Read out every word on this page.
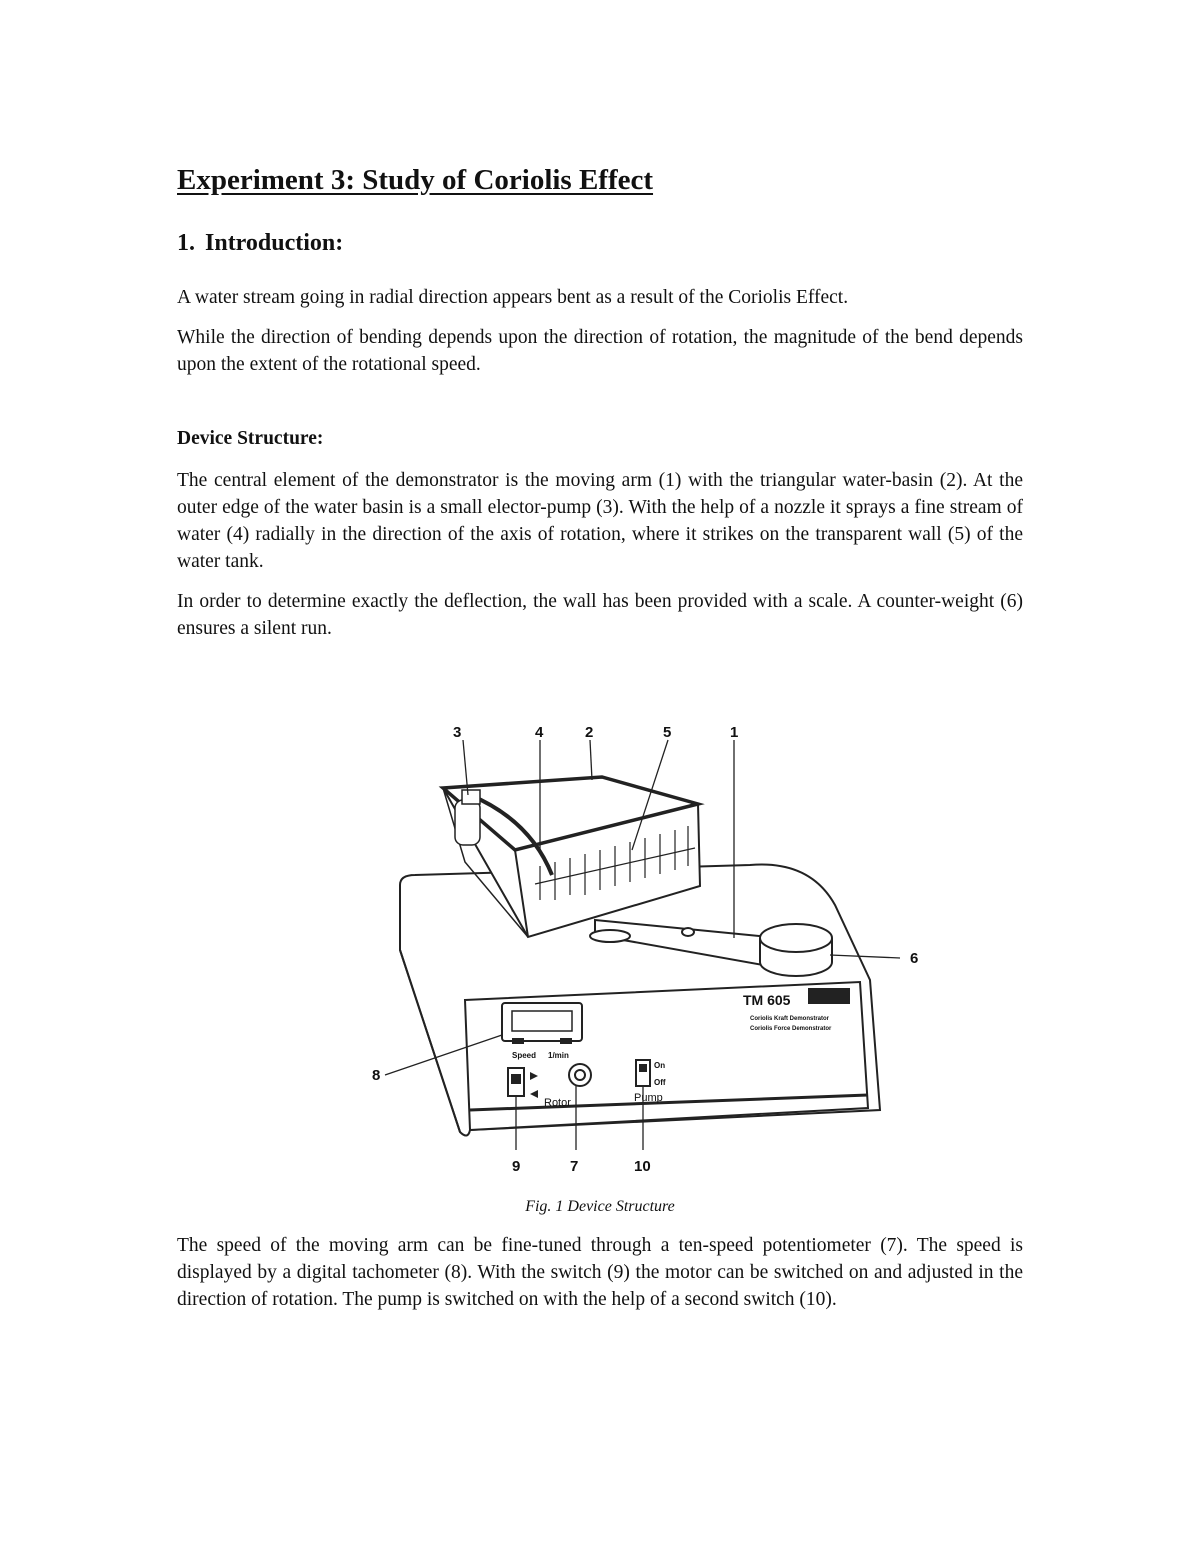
Experiment 3: Study of Coriolis Effect
1. Introduction:

A water stream going in radial direction appears bent as a result of the Coriolis Effect.

While the direction of bending depends upon the direction of rotation, the magnitude of the bend depends upon the extent of the rotational speed.

Device Structure:

The central element of the demonstrator is the moving arm (1) with the triangular water-basin (2). At the outer edge of the water basin is a small elector-pump (3). With the help of a nozzle it sprays a fine stream of water (4) radially in the direction of the axis of rotation, where it strikes on the transparent wall (5) of the water tank.

In order to determine exactly the deflection, the wall has been provided with a scale. A counter-weight (6) ensures a silent run.

TM 605
Coriolis Kraft Demonstrator
Coriolis Force Demonstrator
Speed 1/min
Rotor	Pump
On
Off
3	4	2	5	1
6
8
9	7	10

Fig. 1 Device Structure

The speed of the moving arm can be fine-tuned through a ten-speed potentiometer (7). The speed is displayed by a digital tachometer (8). With the switch (9) the motor can be switched on and adjusted in the direction of rotation. The pump is switched on with the help of a second switch (10).
